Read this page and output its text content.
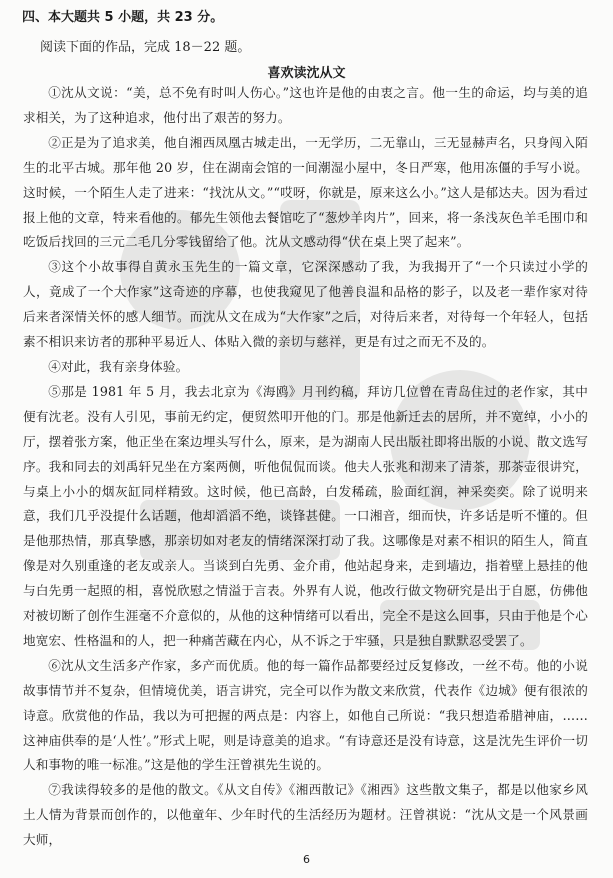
四、本大题共 5 小题，共 23 分。
阅读下面的作品，完成 18－22 题。
喜欢读沈从文

①沈从文说：“美，总不免有时叫人伤心。”这也许是他的由衷之言。他一生的命运，均与美的追求相关，为了这种追求，他付出了艰苦的努力。

②正是为了追求美，他自湘西凤凰古城走出，一无学历，二无靠山，三无显赫声名，只身闯入陌生的北平古城。那年他 20 岁，住在湖南会馆的一间潮湿小屋中，冬日严寒，他用冻僵的手写小说。这时候，一个陌生人走了进来：“找沈从文。”“哎呀，你就是，原来这么小。”这人是郁达夫。因为看过报上他的文章，特来看他的。郁先生领他去餐馆吃了“葱炒羊肉片”，回来，将一条浅灰色羊毛围巾和吃饭后找回的三元二毛几分零钱留给了他。沈从文感动得“伏在桌上哭了起来”。

③这个小故事得自黄永玉先生的一篇文章，它深深感动了我，为我揭开了“一个只读过小学的人，竟成了一个大作家”这奇迹的序幕，也使我窥见了他善良温和品格的影子，以及老一辈作家对待后来者深情关怀的感人细节。而沈从文在成为“大作家”之后，对待后来者，对待每一个年轻人，包括素不相识来访者的那种平易近人、体贴入微的亲切与慈祥，更是有过之而无不及的。

④对此，我有亲身体验。

⑤那是 1981 年 5 月，我去北京为《海鸥》月刊约稿，拜访几位曾在青岛住过的老作家，其中便有沈老。没有人引见，事前无约定，便贸然叩开他的门。那是他新迁去的居所，并不宽绰，小小的厅，摆着张方案，他正坐在案边埋头写什么，原来，是为湖南人民出版社即将出版的小说、散文选写序。我和同去的刘禹轩兄坐在方案两侧，听他侃侃而谈。他夫人张兆和沏来了清茶，那茶壶很讲究，与桌上小小的烟灰缸同样精致。这时候，他已高龄，白发稀疏，脸面红润，神采奕奕。除了说明来意，我们几乎没提什么话题，他却滔滔不绝，谈锋甚健。一口湘音，细而快，许多话是听不懂的。但是他那热情，那真挚感，那亲切如对老友的情绪深深打动了我。这哪像是对素不相识的陌生人，简直像是对久别重逢的老友或亲人。当谈到白先勇、金介甫，他站起身来，走到墙边，指着壁上悬挂的他与白先勇一起照的相，喜悦欣慰之情溢于言表。外界有人说，他改行做文物研究是出于自愿，仿佛他对被切断了创作生涯毫不介意似的，从他的这种情绪可以看出，完全不是这么回事，只由于他是个心地宽宏、性格温和的人，把一种痛苦藏在内心，从不诉之于牢骚，只是独自默默忍受罢了。

⑥沈从文生活多产作家，多产而优质。他的每一篇作品都要经过反复修改，一丝不苟。他的小说故事情节并不复杂，但情境优美，语言讲究，完全可以作为散文来欣赏，代表作《边城》便有很浓的诗意。欣赏他的作品，我以为可把握的两点是：内容上，如他自己所说：“我只想造希腊神庙，……这神庙供奉的是‘人性’。”形式上呢，则是诗意美的追求。“有诗意还是没有诗意，这是沈先生评价一切人和事物的唯一标准。”这是他的学生汪曾祺先生说的。

⑦我读得较多的是他的散文。《从文自传》《湘西散记》《湘西》这些散文集子，都是以他家乡风土人情为背景而创作的，以他童年、少年时代的生活经历为题材。汪曾祺说：“沈从文是一个风景画大师，

6
